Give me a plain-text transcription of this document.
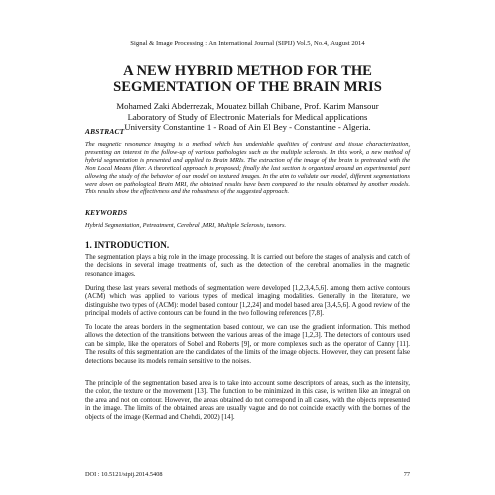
Signal & Image Processing : An International Journal (SIPIJ) Vol.5, No.4, August 2014
A NEW HYBRID METHOD FOR THE
SEGMENTATION OF THE BRAIN MRIS
Mohamed Zaki Abderrezak, Mouatez billah Chibane, Prof. Karim Mansour
Laboratory of Study of Electronic Materials for Medical applications
University Constantine 1 - Road of Ain El Bey - Constantine - Algeria.
ABSTRACT
The magnetic resonance imaging is a method which has undeniable qualities of contrast and tissue characterization, presenting an interest in the follow-up of various pathologies such as the multiple sclerosis. In this work, a new method of hybrid segmentation is presented and applied to Brain MRIs. The extraction of the image of the brain is pretreated with the Non Local Means filter. A theoretical approach is proposed; finally the last section is organized around an experimental part allowing the study of the behavior of our model on textured images. In the aim to validate our model, different segmentations were down on pathological Brain MRI, the obtained results have been compared to the results obtained by another models. This results show the effectivness and the robustness of the suggested approach.
KEYWORDS
Hybrid Segmentation, Petreatment, Cerebral ,MRI, Multiple Sclerosis, tumors.
1. INTRODUCTION.
The segmentation plays a big role in the image processing. It is carried out before the stages of analysis and catch of the decisions in several image treatments of, such as the detection of the cerebral anomalies in the magnetic resonance images.
During these last years several methods of segmentation were developed [1,2,3,4,5,6]. among them active contours (ACM) which was applied to various types of medical imaging modalities. Generally in the literature, we distinguishe two types of (ACM): model based contour [1,2,24] and model based area [3,4,5,6]. A good review of the principal models of active contours can be found in the two following references [7,8].
To locate the areas borders in the segmentation based contour, we can use the gradient information. This method allows the detection of the transitions between the various areas of the image [1,2,3]. The detectors of contours used can be simple, like the operators of Sobel and Roberts [9], or more complexes such as the operator of Canny [11]. The results of this segmentation are the candidates of the limits of the image objects. However, they can present false detections because its models remain sensitive to the noises.
The principle of the segmentation based area is to take into account some descriptors of areas, such as the intensity, the color, the texture or the movement [13]. The function to be minimized in this case, is written like an integral on the area and not on contour. However, the areas obtained do not correspond in all cases, with the objects represented in the image. The limits of the obtained areas are usually vague and do not coincide exactly with the bornes of the objects of the image (Kermad and Chehdi, 2002) [14].
DOI : 10.5121/sipij.2014.5408	77
